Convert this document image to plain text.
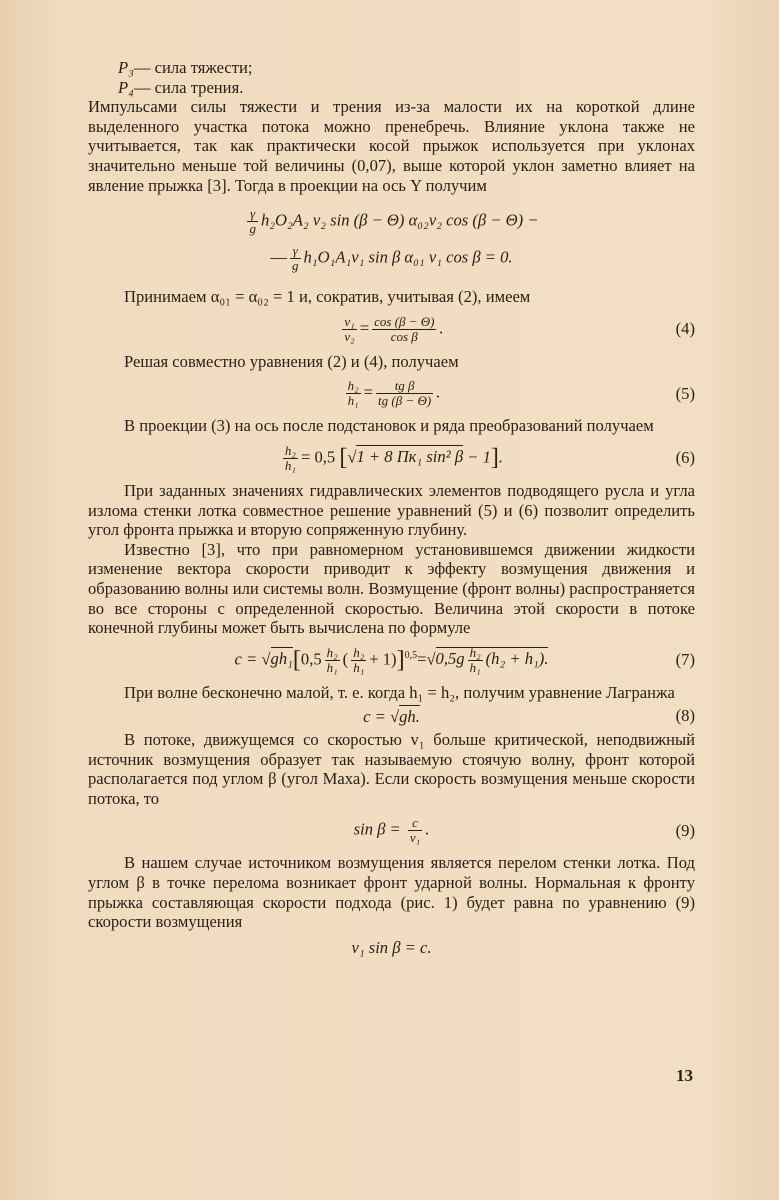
P₃— сила тяжести;

P₄— сила трения.

Импульсами силы тяжести и трения из-за малости их на короткой длине выделенного участка потока можно пренебречь. Влияние уклона также не учитывается, так как практически косой прыжок используется при уклонах значительно меньше той величины (0,07), выше которой уклон заметно влияет на явление прыжка [3]. Тогда в проекции на ось Y получим

$\frac{\gamma}{g} h_2O_2A_2$ v₂ sin (β − Θ) α₀₂v₂ cos (β − Θ) −
— $\frac{\gamma}{g} h_1O_1A_1v_1$ sin β α₀₁ v₁ cos β = 0.

Принимаем α₀₁ = α₀₂ = 1 и, сократив, учитывая (2), имеем

$\frac{\text{v₁}}{\text{v₂}} = \frac{\cos (\beta - \Theta)}{\text{cos β}}$ .	(4)

Решая совместно уравнения (2) и (4), получаем

$\frac{\text{h₂}}{\text{h₁}} = \frac{\text{tg β}}{tg (\beta - \Theta)}$ .	(5)

В проекции (3) на ось после подстановок и ряда преобразований получаем

$\frac{\text{h₂}}{\text{h₁}} = 0,5$ [√1 + 8 Пк₁ sin² β − 1].	(6)

При заданных значениях гидравлических элементов подводящего русла и угла излома стенки лотка совместное решение уравнений (5) и (6) позволит определить угол фронта прыжка и вторую сопряженную глубину.

Известно [3], что при равномерном установившемся движении жидкости изменение вектора скорости приводит к эффекту возмущения движения и образованию волны или системы волн. Возмущение (фронт волны) распространяется во все стороны с определенной скоростью. Величина этой скорости в потоке конечной глубины может быть вычислена по формуле

$c = √gh_1[0,5 \frac{\text{h₂}}{\text{h₁}}$ ( $\frac{\text{h₂}}{\text{h₁}} + 1)]^{0,5}=√0,5g \frac{\text{h₂}}{\text{h₁}} (h_2 + h_1)$.	(7)

При волне бесконечно малой, т. е. когда h₁ = h₂, получим уравнение Лагранжа

c = √gh.	(8)

В потоке, движущемся со скоростью v₁ больше критической, неподвижный источник возмущения образует так называемую стоячую волну, фронт которой располагается под углом β (угол Маха). Если скорость возмущения меньше скорости потока, то

$\sin \beta = \frac{c}{\text{v₁}}$ .	(9)

В нашем случае источником возмущения является перелом стенки лотка. Под углом β в точке перелома возникает фронт ударной волны. Нормальная к фронту прыжка составляющая скорости подхода (рис. 1) будет равна по уравнению (9) скорости возмущения

v₁ sin β = c.
13
